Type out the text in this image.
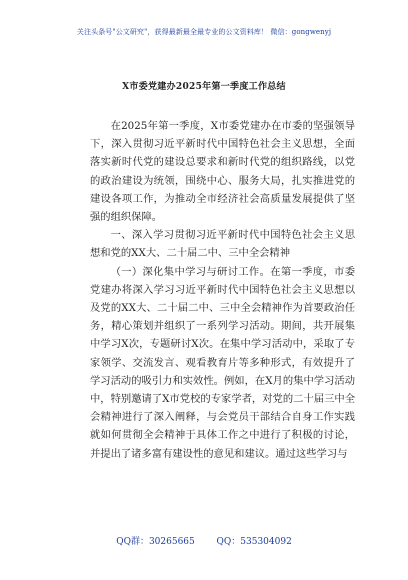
关注头条号"公文研究"，获得最新最全最专业的公文资料库！ 微信：gongwenyj
X市委党建办2025年第一季度工作总结

在2025年第一季度，X市委党建办在市委的坚强领导下，深入贯彻习近平新时代中国特色社会主义思想，全面落实新时代党的建设总要求和新时代党的组织路线，以党的政治建设为统领，围绕中心、服务大局，扎实推进党的建设各项工作，为推动全市经济社会高质量发展提供了坚强的组织保障。

一、深入学习贯彻习近平新时代中国特色社会主义思想和党的XX大、二十届二中、三中全会精神

（一）深化集中学习与研讨工作。在第一季度，市委党建办将深入学习习近平新时代中国特色社会主义思想以及党的XX大、二十届二中、三中全会精神作为首要政治任务，精心策划并组织了一系列学习活动。期间，共开展集中学习X次，专题研讨X次。在集中学习活动中，采取了专家领学、交流发言、观看教育片等多种形式，有效提升了学习活动的吸引力和实效性。例如，在X月的集中学习活动中，特别邀请了X市党校的专家学者，对党的二十届三中全会精神进行了深入阐释，与会党员干部结合自身工作实践就如何贯彻全会精神于具体工作之中进行了积极的讨论，并提出了诸多富有建设性的意见和建议。通过这些学习与

QQ群：30265665 QQ：535304092
